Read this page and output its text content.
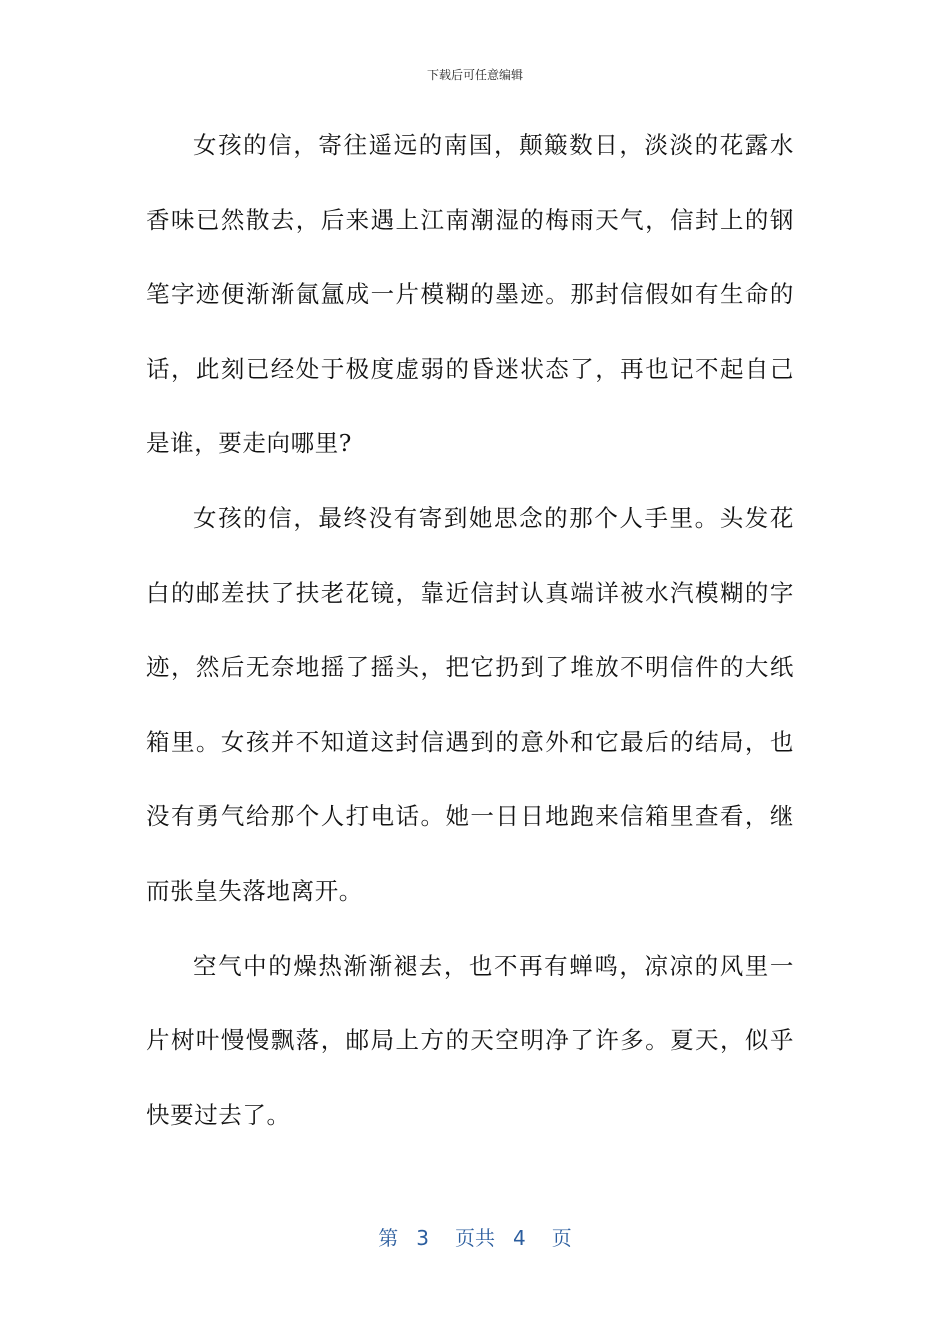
下载后可任意编辑

女孩的信，寄往遥远的南国，颠簸数日，淡淡的花露水香味已然散去，后来遇上江南潮湿的梅雨天气，信封上的钢笔字迹便渐渐氤氲成一片模糊的墨迹。那封信假如有生命的话，此刻已经处于极度虚弱的昏迷状态了，再也记不起自己是谁，要走向哪里?

女孩的信，最终没有寄到她思念的那个人手里。头发花白的邮差扶了扶老花镜，靠近信封认真端详被水汽模糊的字迹，然后无奈地摇了摇头，把它扔到了堆放不明信件的大纸箱里。女孩并不知道这封信遇到的意外和它最后的结局，也没有勇气给那个人打电话。她一日日地跑来信箱里查看，继而张皇失落地离开。

空气中的燥热渐渐褪去，也不再有蝉鸣，凉凉的风里一片树叶慢慢飘落，邮局上方的天空明净了许多。夏天，似乎快要过去了。

第 3 页共 4 页
